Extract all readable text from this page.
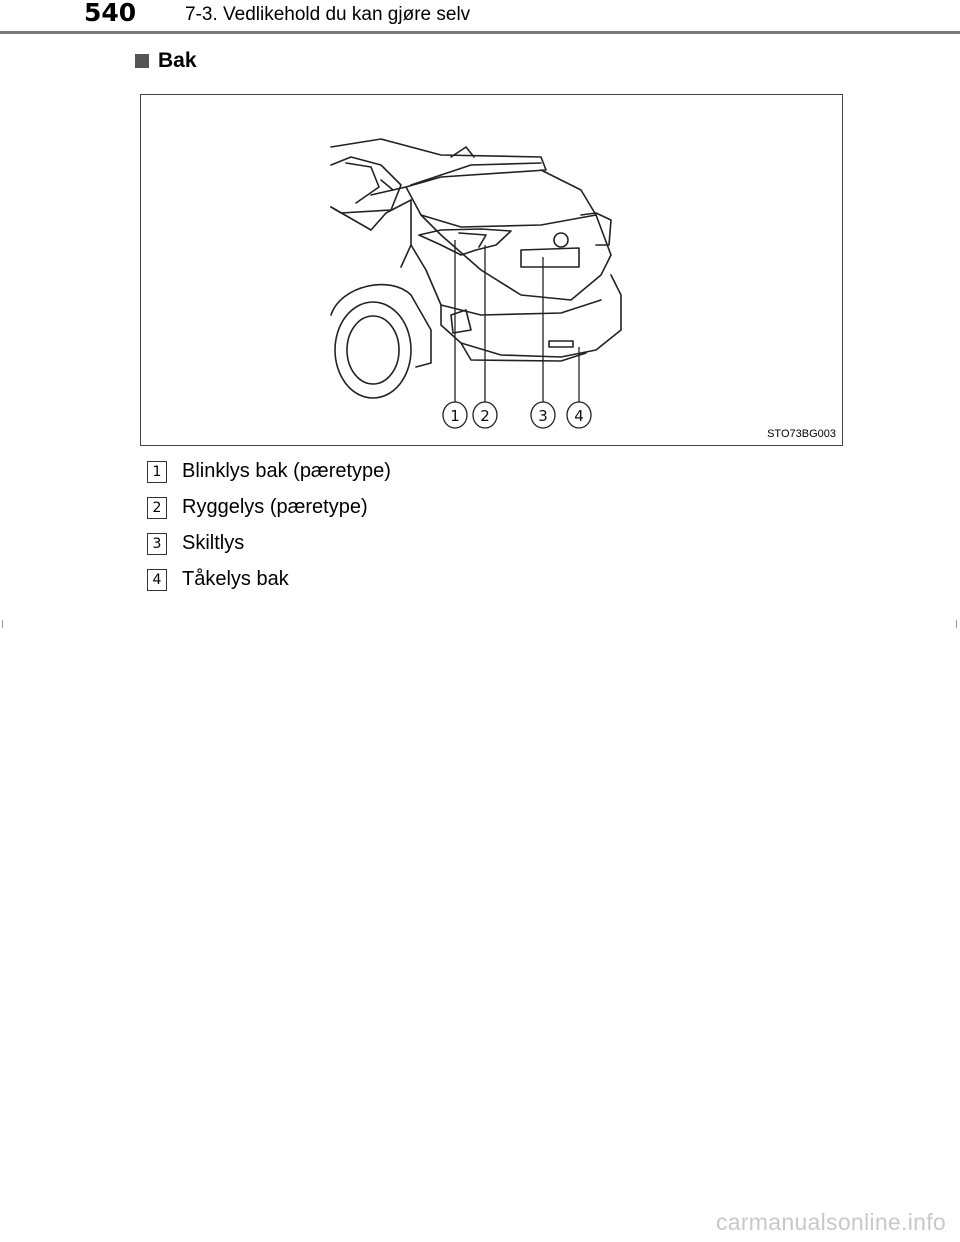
540	7-3. Vedlikehold du kan gjøre selv
Bak
1 2	3 4
STO73BG003
1 Blinklys bak (pæretype)
2 Ryggelys (pæretype)
3 Skiltlys
4 Tåkelys bak
carmanualsonline.info
